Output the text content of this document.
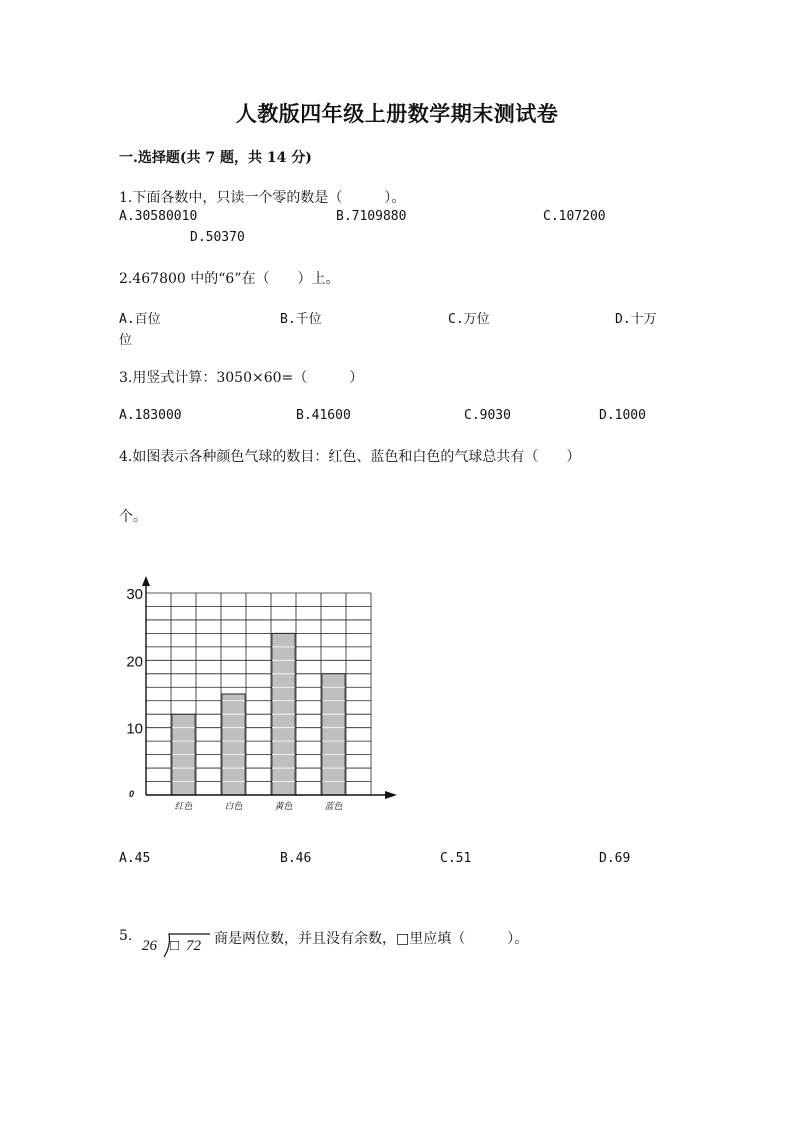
人教版四年级上册数学期末测试卷
一.选择题(共 7 题，共 14 分)
1.下面各数中，只读一个零的数是（　　　）。
A.30580010	B.7109880	C.107200
D.50370
2.467800 中的“6”在（　　）上。
A.百位	B.千位	C.万位	D.十万
位
3.用竖式计算：3050×60=（　　　）
A.183000	B.41600	C.9030	D.1000
4.如图表示各种颜色气球的数目：红色、蓝色和白色的气球总共有（　　）
个。
0
10
20
30
红色	白色	黄色	蓝色
A.45	B.46	C.51	D.69
5.
26 □ 72 商是两位数，并且没有余数，□里应填（　　　）。
